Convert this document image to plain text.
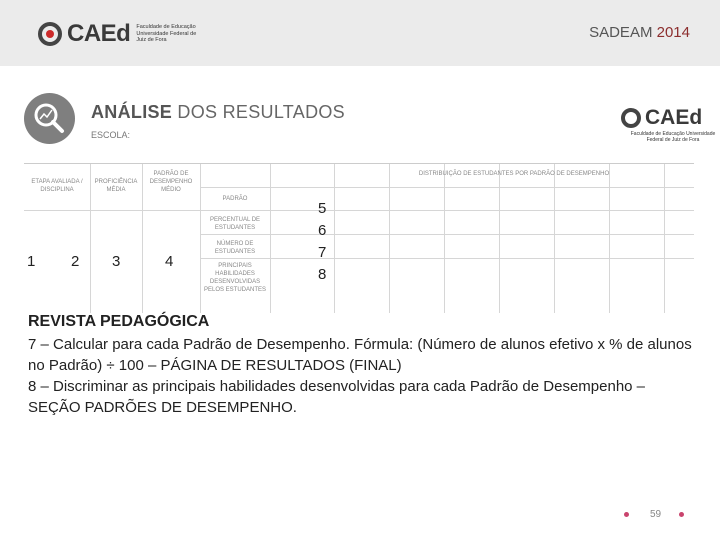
CAEd Faculdade de Educação Universidade Federal de Juiz de Fora	SADEAM 2014
ANÁLISE DOS RESULTADOS
ESCOLA:
CAEd
Faculdade de Educação Universidade Federal de Juiz de Fora
ETAPA AVALIADA / DISCIPLINA
PROFICIÊNCIA MÉDIA
PADRÃO DE DESEMPENHO MÉDIO
PADRÃO
DISTRIBUIÇÃO DE ESTUDANTES POR PADRÃO DE DESEMPENHO
PERCENTUAL DE ESTUDANTES
NÚMERO DE ESTUDANTES
PRINCIPAIS HABILIDADES DESENVOLVIDAS PELOS ESTUDANTES
1 2 3	4
5
6
7
8
REVISTA PEDAGÓGICA
7 – Calcular para cada Padrão de Desempenho. Fórmula: (Número de alunos efetivo x % de alunos no Padrão) ÷ 100 – PÁGINA DE RESULTADOS (FINAL)
8 – Discriminar as principais habilidades desenvolvidas para cada Padrão de Desempenho – SEÇÃO PADRÕES DE DESEMPENHO.
59
